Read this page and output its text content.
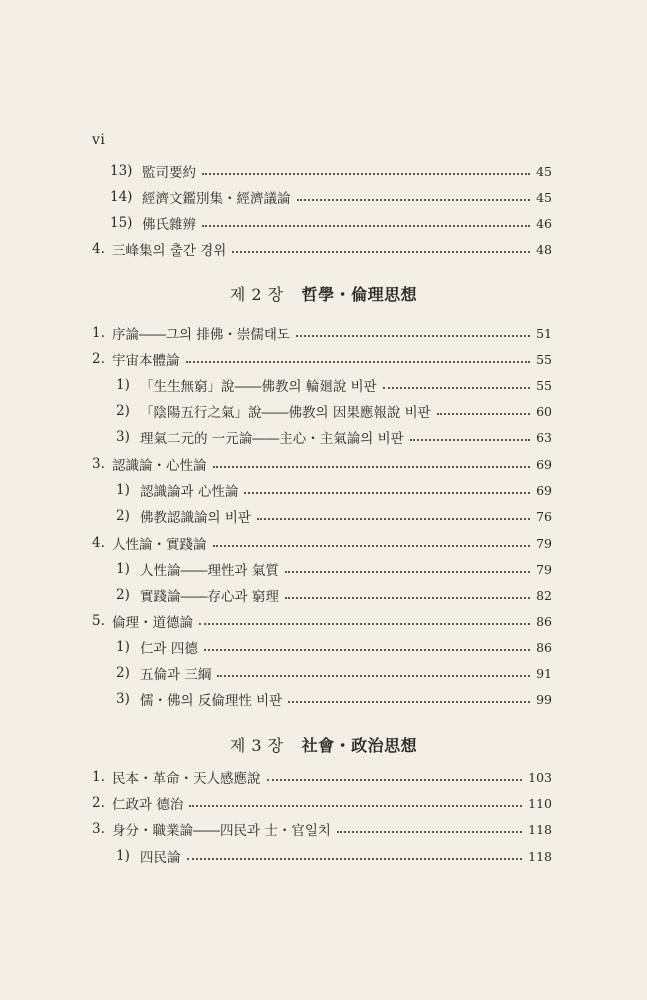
vi
13) 監司要約	45
14) 經濟文鑑別集・經濟議論	45
15) 佛氏雜辨	46
4. 三峰集의 출간 경위	48
제 2 장 哲學・倫理思想
1. 序論――그의 排佛・崇儒태도	51
2. 宇宙本體論	55
1) 「生生無窮」說――佛教의 輪廻說 비판	55
2) 「陰陽五行之氣」說――佛教의 因果應報說 비판	60
3) 理氣二元的 一元論――主心・主氣論의 비판	63
3. 認識論・心性論	69
1) 認識論과 心性論	69
2) 佛教認識論의 비판	76
4. 人性論・實踐論	79
1) 人性論――理性과 氣質	79
2) 實踐論――存心과 窮理	82
5. 倫理・道德論	86
1) 仁과 四德	86
2) 五倫과 三綱	91
3) 儒・佛의 反倫理性 비판	99
제 3 장 社會・政治思想
1. 民本・革命・天人感應說	103
2. 仁政과 德治	110
3. 身分・職業論――四民과 士・官일치	118
1) 四民論	118
